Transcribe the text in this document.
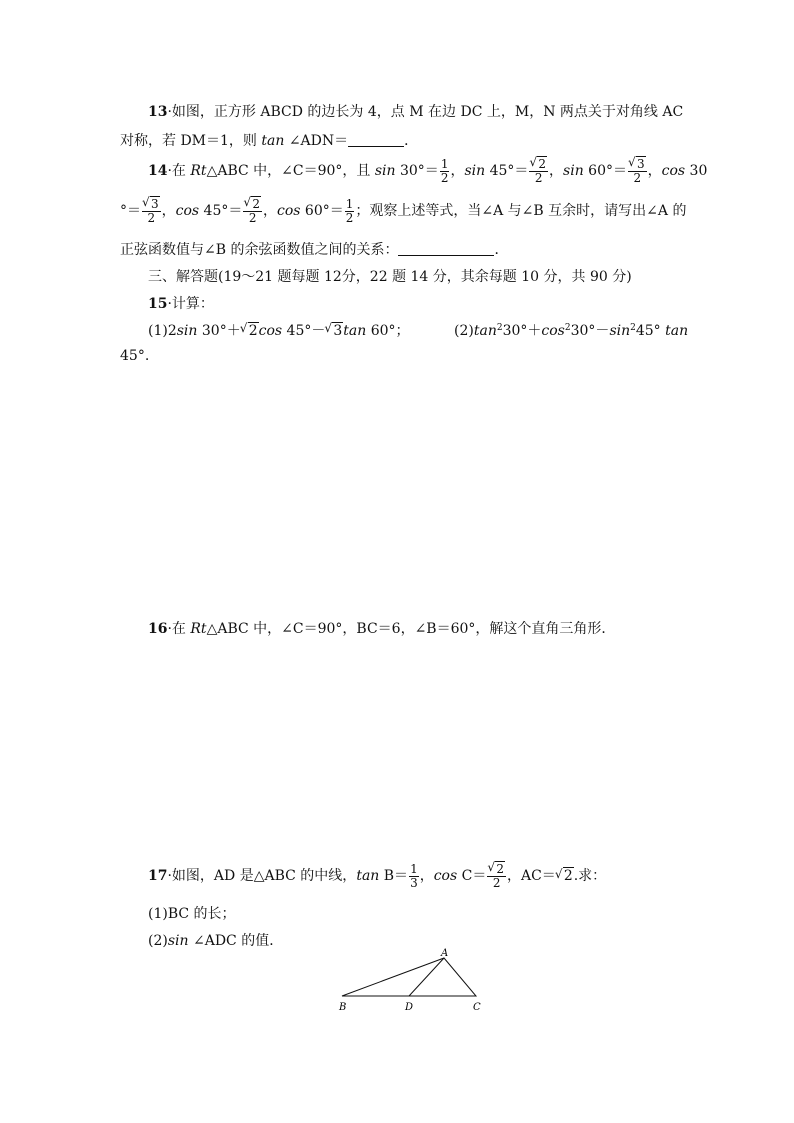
13·如图，正方形 ABCD 的边长为 4，点 M 在边 DC 上，M，N 两点关于对角线 AC
对称，若 DM＝1，则 tan ∠ADN＝	．
14·在 Rt△ABC 中，∠C＝90°，且 $\sin 30^\circ= \frac{1}{2}$ ，sin 45°＝ √ $\frac{2}{2}$ ，sin 60°＝ √ $\frac{3}{2}$ ，cos 30
°＝ √ $\frac{3}{2}$ ，cos 45°＝ √ $\frac{2}{2}$ ，$\cos 60^\circ= \frac{1}{2}$ ；观察上述等式，当∠A 与∠B 互余时，请写出∠A 的
正弦函数值与∠B 的余弦函数值之间的关系：	．
三、解答题(19～21 题每题 12分，22 题 14 分，其余每题 10 分，共 90 分)
15·计算：
(1)2sin 30°＋ √ 2cos 45°－ √ 3tan 60°；	$(2)\tan^230^\circ+\cos^230^\circ-\sin^245^\circ$ tan
45°.
16·在 Rt△ABC 中，∠C＝90°，BC＝6，∠B＝60°，解这个直角三角形．
17·如图，AD 是△ABC 的中线，$\tan B= \frac{1}{3}$ ，cos C＝ √ $\frac{2}{2}$ ，AC＝ √ 2.求：
(1)BC 的长；
(2)sin ∠ADC 的值．
A
B	D	C
